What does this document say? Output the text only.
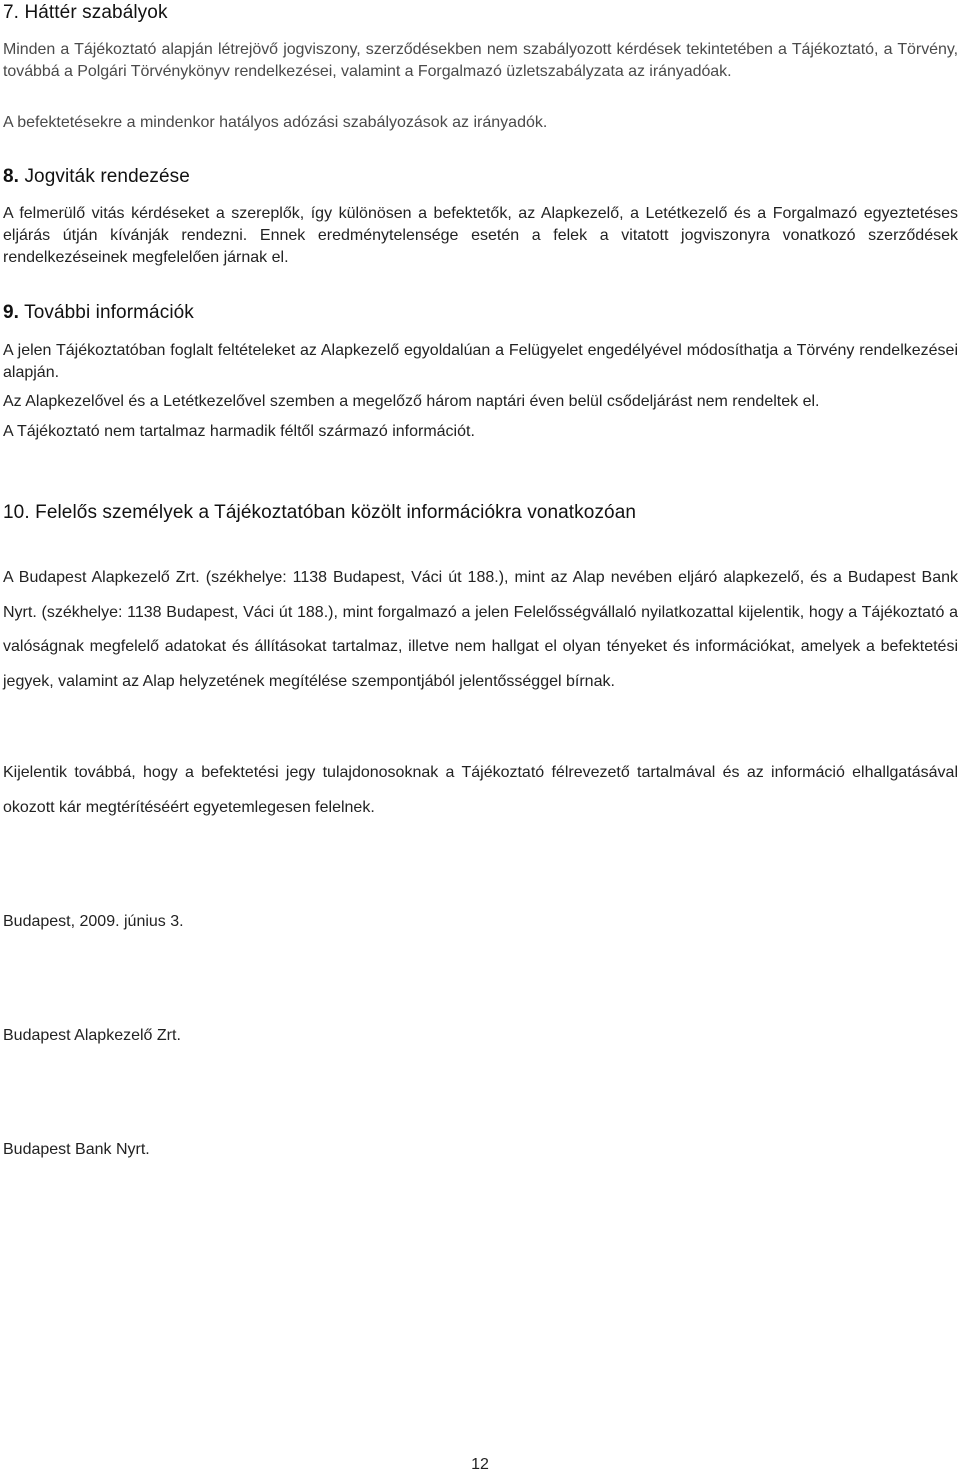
7. Háttér szabályok

Minden a Tájékoztató alapján létrejövő jogviszony, szerződésekben nem szabályozott kérdések tekintetében a Tájékoztató, a Törvény, továbbá a Polgári Törvénykönyv rendelkezései, valamint a Forgalmazó üzletszabályzata az irányadóak.

A befektetésekre a mindenkor hatályos adózási szabályozások az irányadók.

8. Jogviták rendezése

A felmerülő vitás kérdéseket a szereplők, így különösen a befektetők, az Alapkezelő, a Letétkezelő és a Forgalmazó egyeztetéses eljárás útján kívánják rendezni. Ennek eredménytelensége esetén a felek a vitatott jogviszonyra vonatkozó szerződések rendelkezéseinek megfelelően járnak el.

9. További információk

A jelen Tájékoztatóban foglalt feltételeket az Alapkezelő egyoldalúan a Felügyelet engedélyével módosíthatja a Törvény rendelkezései alapján.

Az Alapkezelővel és a Letétkezelővel szemben a megelőző három naptári éven belül csődeljárást nem rendeltek el.

A Tájékoztató nem tartalmaz harmadik féltől származó információt.

10. Felelős személyek a Tájékoztatóban közölt információkra vonatkozóan

A Budapest Alapkezelő Zrt. (székhelye: 1138 Budapest, Váci út 188.), mint az Alap nevében eljáró alapkezelő, és a Budapest Bank Nyrt. (székhelye: 1138 Budapest, Váci út 188.), mint forgalmazó a jelen Felelősségvállaló nyilatkozattal kijelentik, hogy a Tájékoztató a valóságnak megfelelő adatokat és állításokat tartalmaz, illetve nem hallgat el olyan tényeket és információkat, amelyek a befektetési jegyek, valamint az Alap helyzetének megítélése szempontjából jelentősséggel bírnak.

Kijelentik továbbá, hogy a befektetési jegy tulajdonosoknak a Tájékoztató félrevezető tartalmával és az információ elhallgatásával okozott kár megtérítéséért egyetemlegesen felelnek.

Budapest, 2009. június 3.

Budapest Alapkezelő Zrt.

Budapest Bank Nyrt.

12
